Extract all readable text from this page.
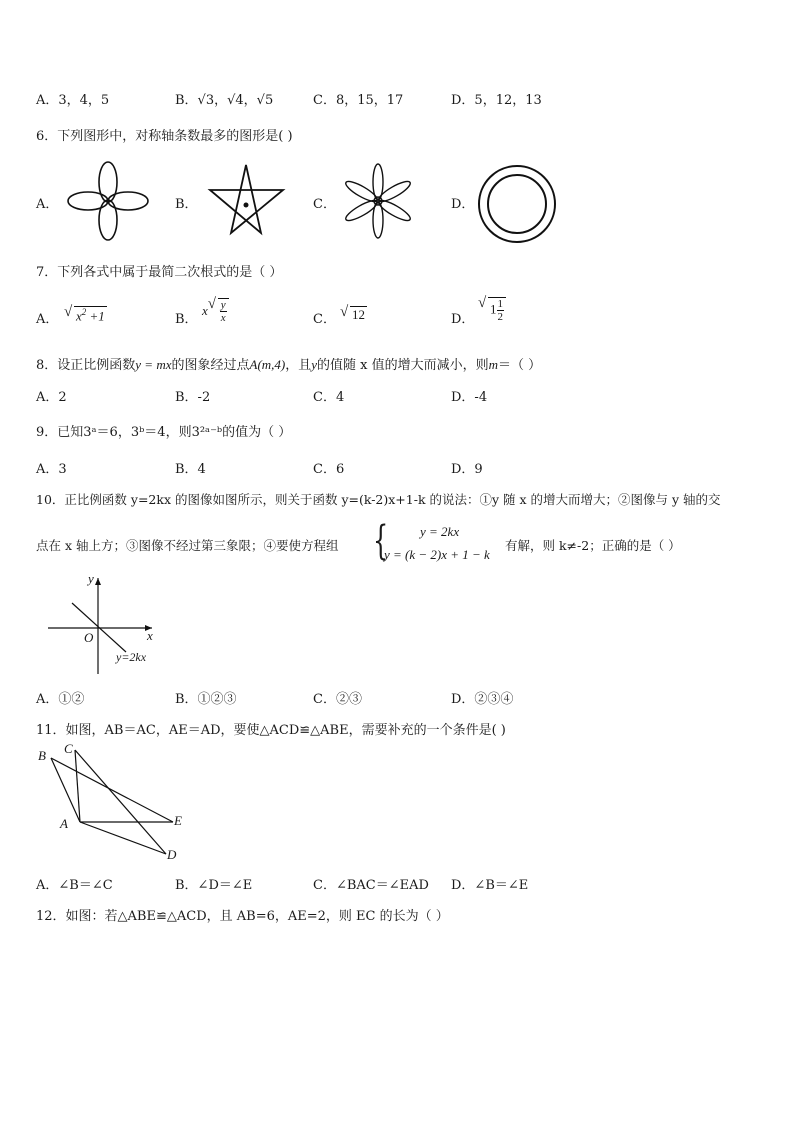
A．3，4，5	B．√3，√4，√5	C．8，15，17	D．5，12，13
6．下列图形中，对称轴条数最多的图形是( )
A．	B．	C．	D．
7．下列各式中属于最简二次根式的是（ ）
A．	√ $x^2 +1$	B．
x √ $\frac{y}{x}$	C．	√ 12	D．
√ $1 \frac{1}{2}$
8．设正比例函数y = mx的图象经过点A(m,4)，且y的值随 x 值的增大而减小，则m＝（ ）
A．2	B．-2	C．4	D．-4
9．已知3ᵃ＝6，3ᵇ＝4，则3²ᵃ⁻ᵇ的值为（ ）
A．3	B．4	C．6	D．9
10．正比例函数 y=2kx 的图像如图所示，则关于函数 y=(k-2)x+1-k 的说法：①y 随 x 的增大而增大；②图像与 y 轴的交
点在 x 轴上方；③图像不经过第三象限；④要使方程组 { y = 2kx
y = (k − 2)x + 1 − k
有解，则 k≠-2；正确的是（ ）
y
x
O
y=2kx
A．①②	B．①②③	C．②③	D．②③④
11．如图，AB＝AC，AE＝AD，要使△ACD≌△ABE，需要补充的一个条件是( )
B C
A	E
D
A．∠B＝∠C	B．∠D＝∠E	C．∠BAC＝∠EAD D．∠B＝∠E
12．如图：若△ABE≌△ACD，且 AB=6，AE=2，则 EC 的长为（ ）
